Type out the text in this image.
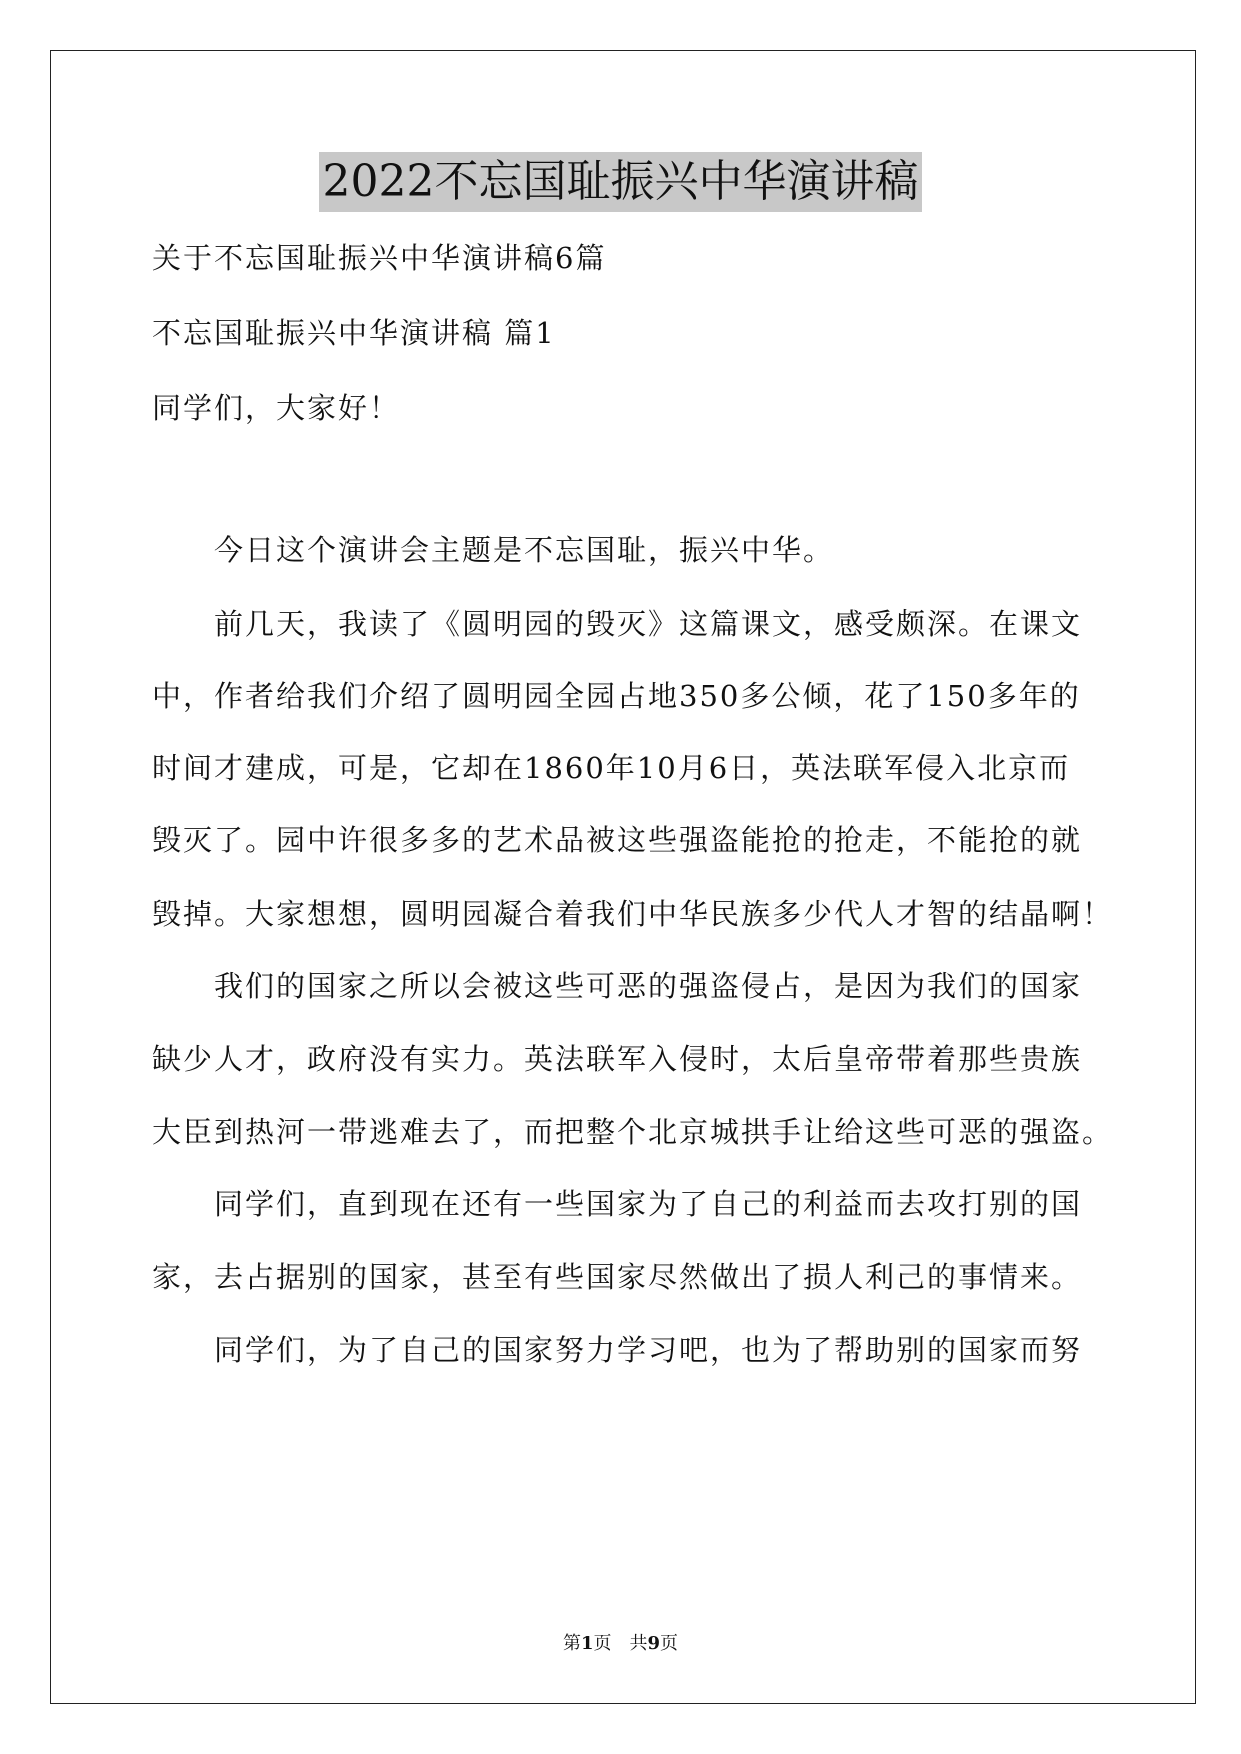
2022不忘国耻振兴中华演讲稿
关于不忘国耻振兴中华演讲稿6篇
不忘国耻振兴中华演讲稿 篇1
同学们，大家好！
今日这个演讲会主题是不忘国耻，振兴中华。
前几天，我读了《圆明园的毁灭》这篇课文，感受颇深。在课文
中，作者给我们介绍了圆明园全园占地350多公倾，花了150多年的
时间才建成，可是，它却在1860年10月6日，英法联军侵入北京而
毁灭了。园中许很多多的艺术品被这些强盗能抢的抢走，不能抢的就
毁掉。大家想想，圆明园凝合着我们中华民族多少代人才智的结晶啊！
我们的国家之所以会被这些可恶的强盗侵占，是因为我们的国家
缺少人才，政府没有实力。英法联军入侵时，太后皇帝带着那些贵族
大臣到热河一带逃难去了，而把整个北京城拱手让给这些可恶的强盗。
同学们，直到现在还有一些国家为了自己的利益而去攻打别的国
家，去占据别的国家，甚至有些国家尽然做出了损人利己的事情来。
同学们，为了自己的国家努力学习吧，也为了帮助别的国家而努
第1页　共9页
